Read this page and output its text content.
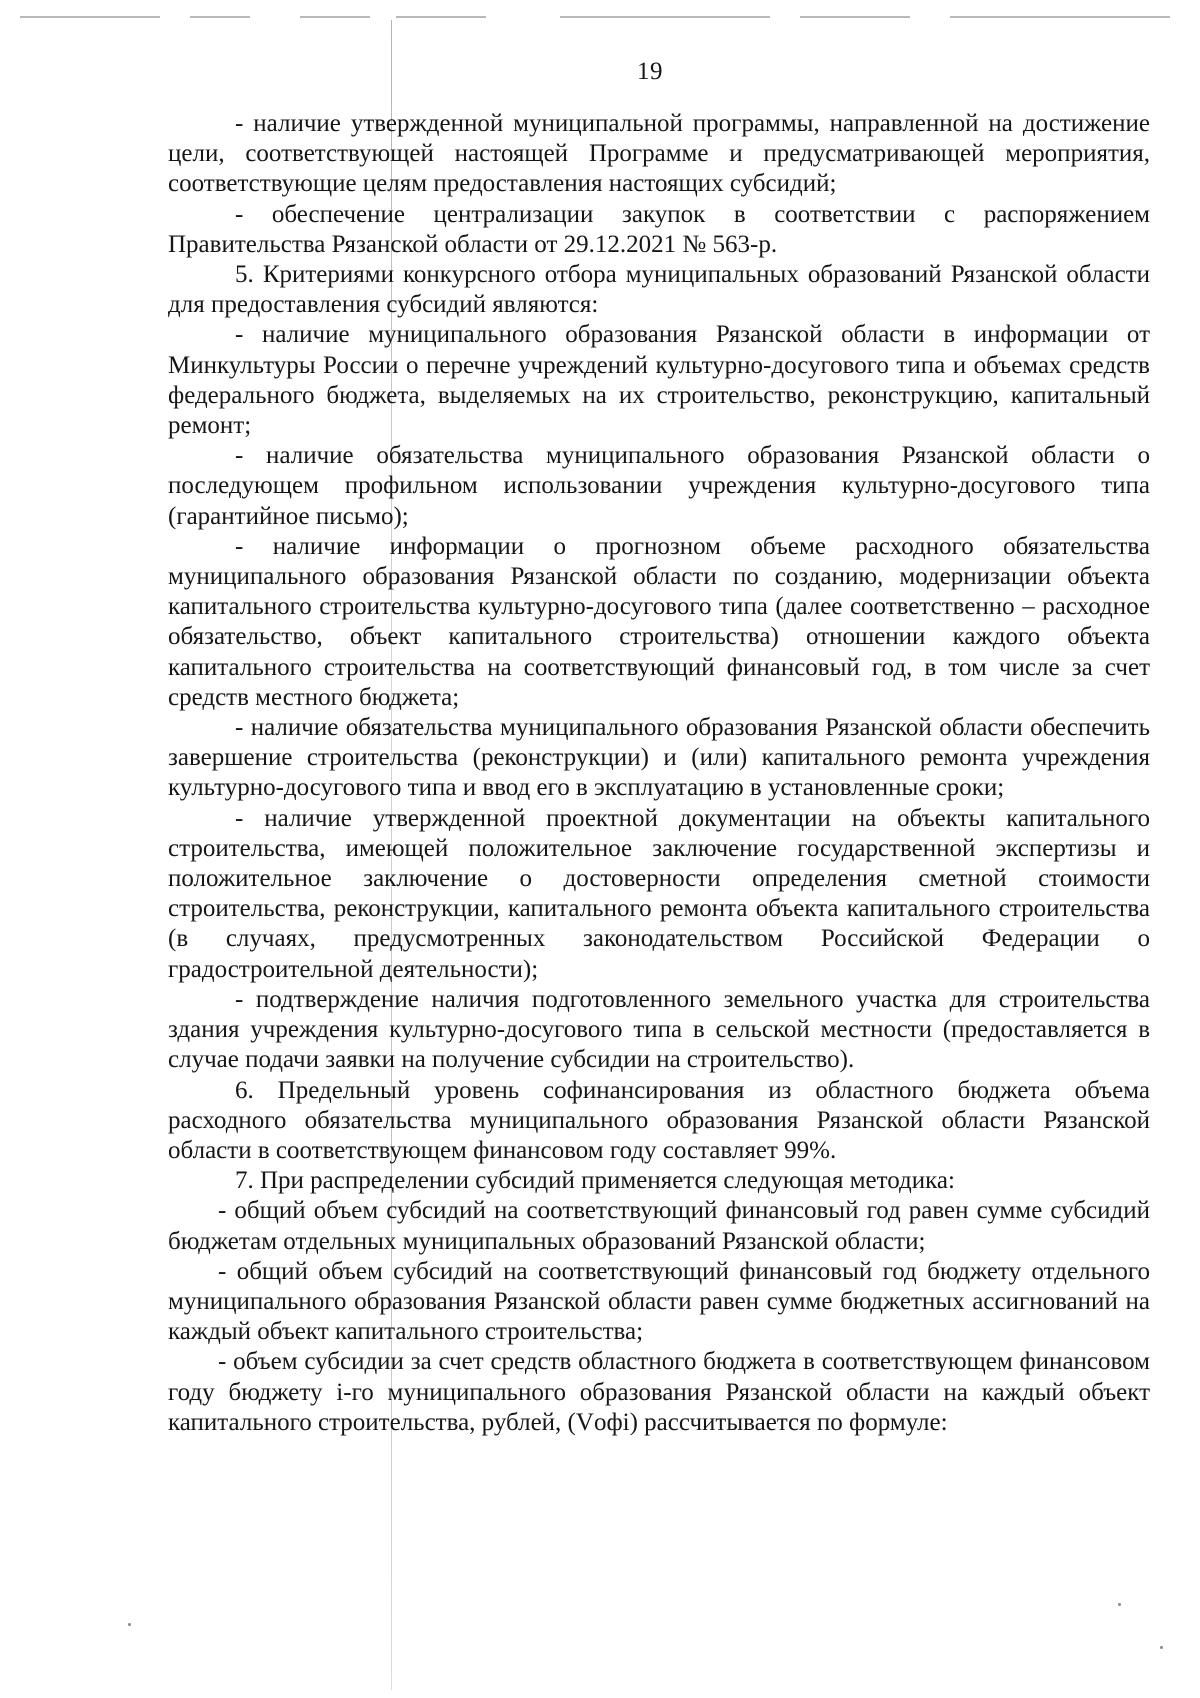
19

- наличие утвержденной муниципальной программы, направленной на достижение цели, соответствующей настоящей Программе и предусматривающей мероприятия, соответствующие целям предоставления настоящих субсидий;

- обеспечение централизации закупок в соответствии с распоряжением Правительства Рязанской области от 29.12.2021 № 563-р.

5. Критериями конкурсного отбора муниципальных образований Рязанской области для предоставления субсидий являются:

- наличие муниципального образования Рязанской области в информации от Минкультуры России о перечне учреждений культурно-досугового типа и объемах средств федерального бюджета, выделяемых на их строительство, реконструкцию, капитальный ремонт;

- наличие обязательства муниципального образования Рязанской области о последующем профильном использовании учреждения культурно-досугового типа (гарантийное письмо);

- наличие информации о прогнозном объеме расходного обязательства муниципального образования Рязанской области по созданию, модернизации объекта капитального строительства культурно-досугового типа (далее соответственно – расходное обязательство, объект капитального строительства) отношении каждого объекта капитального строительства на соответствующий финансовый год, в том числе за счет средств местного бюджета;

- наличие обязательства муниципального образования Рязанской области обеспечить завершение строительства (реконструкции) и (или) капитального ремонта учреждения культурно-досугового типа и ввод его в эксплуатацию в установленные сроки;

- наличие утвержденной проектной документации на объекты капитального строительства, имеющей положительное заключение государственной экспертизы и положительное заключение о достоверности определения сметной стоимости строительства, реконструкции, капитального ремонта объекта капитального строительства (в случаях, предусмотренных законодательством Российской Федерации о градостроительной деятельности);

- подтверждение наличия подготовленного земельного участка для строительства здания учреждения культурно-досугового типа в сельской местности (предоставляется в случае подачи заявки на получение субсидии на строительство).

6. Предельный уровень софинансирования из областного бюджета объема расходного обязательства муниципального образования Рязанской области Рязанской области в соответствующем финансовом году составляет 99%.

7. При распределении субсидий применяется следующая методика:

- общий объем субсидий на соответствующий финансовый год равен сумме субсидий бюджетам отдельных муниципальных образований Рязанской области;

- общий объем субсидий на соответствующий финансовый год бюджету отдельного муниципального образования Рязанской области равен сумме бюджетных ассигнований на каждый объект капитального строительства;

- объем субсидии за счет средств областного бюджета в соответствующем финансовом году бюджету i-го муниципального образования Рязанской области на каждый объект капитального строительства, рублей, (Vофi) рассчитывается по формуле:
